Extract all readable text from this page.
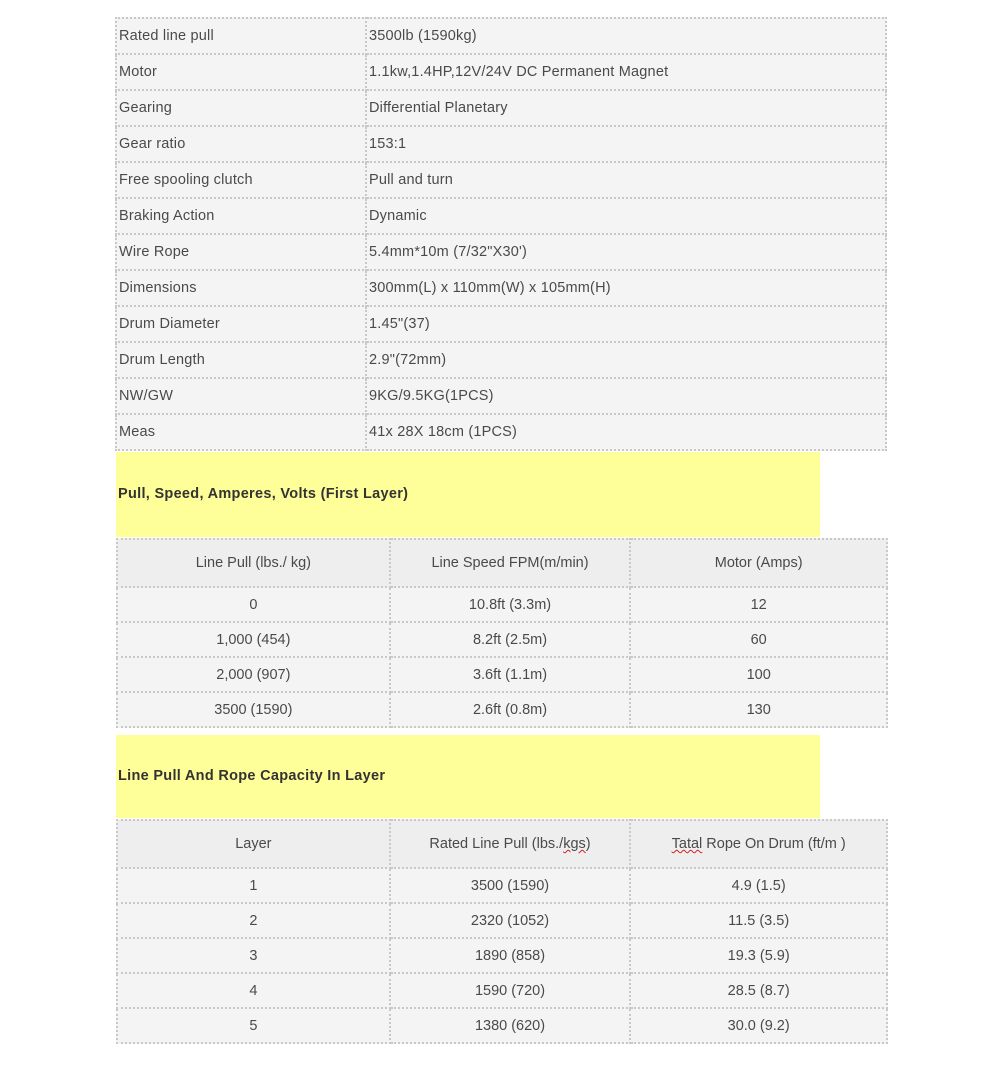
Rated line pull	3500lb (1590kg)
Motor	1.1kw,1.4HP,12V/24V DC Permanent Magnet
Gearing	Differential Planetary
Gear ratio	153:1
Free spooling clutch	Pull and turn
Braking Action	Dynamic
Wire Rope	5.4mm*10m (7/32"X30')
Dimensions	300mm(L) x 110mm(W) x 105mm(H)
Drum Diameter	1.45"(37)
Drum Length	2.9"(72mm)
NW/GW	9KG/9.5KG(1PCS)
Meas	41x 28X 18cm (1PCS)
Pull, Speed, Amperes, Volts (First Layer)
Line Pull (lbs./ kg)	Line Speed FPM(m/min)	Motor (Amps)
0	10.8ft (3.3m)	12
1,000 (454)	8.2ft (2.5m)	60
2,000 (907)	3.6ft (1.1m)	100
3500 (1590)	2.6ft (0.8m)	130
Line Pull And Rope Capacity In Layer
Layer	Rated Line Pull (lbs./kgs)	Tatal Rope On Drum (ft/m )
1	3500 (1590)	4.9 (1.5)
2	2320 (1052)	11.5 (3.5)
3	1890 (858)	19.3 (5.9)
4	1590 (720)	28.5 (8.7)
5	1380 (620)	30.0 (9.2)
